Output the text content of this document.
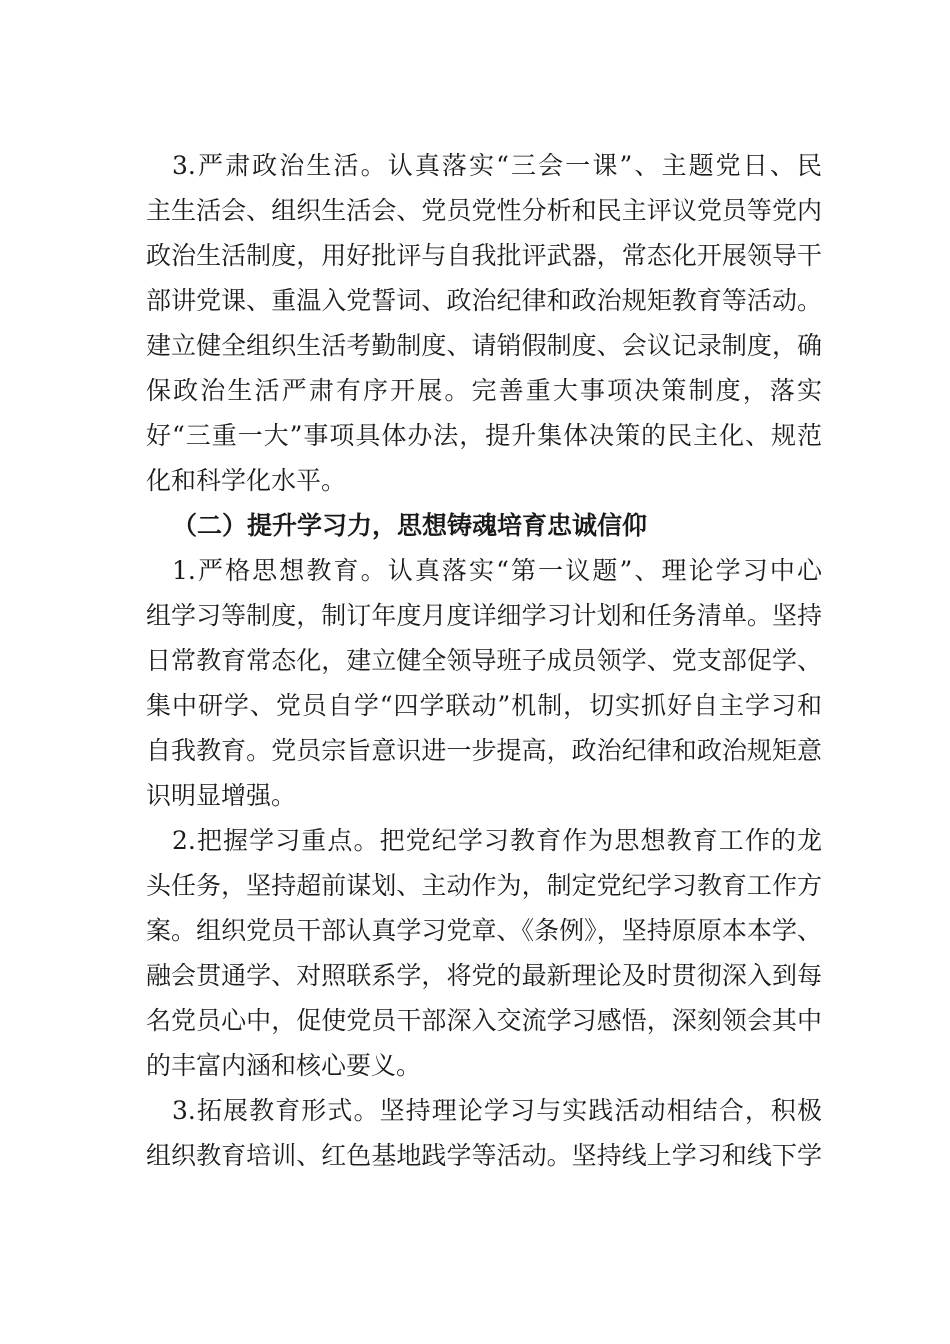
3.严肃政治生活。认真落实“三会一课”、主题党日、民
主生活会、组织生活会、党员党性分析和民主评议党员等党内
政治生活制度，用好批评与自我批评武器，常态化开展领导干
部讲党课、重温入党誓词、政治纪律和政治规矩教育等活动。
建立健全组织生活考勤制度、请销假制度、会议记录制度，确
保政治生活严肃有序开展。完善重大事项决策制度，落实
好“三重一大”事项具体办法，提升集体决策的民主化、规范
化和科学化水平。
（二）提升学习力，思想铸魂培育忠诚信仰
1.严格思想教育。认真落实“第一议题”、理论学习中心
组学习等制度，制订年度月度详细学习计划和任务清单。坚持
日常教育常态化，建立健全领导班子成员领学、党支部促学、
集中研学、党员自学“四学联动”机制，切实抓好自主学习和
自我教育。党员宗旨意识进一步提高，政治纪律和政治规矩意
识明显增强。
2.把握学习重点。把党纪学习教育作为思想教育工作的龙
头任务，坚持超前谋划、主动作为，制定党纪学习教育工作方
案。组织党员干部认真学习党章、《条例》，坚持原原本本学、
融会贯通学、对照联系学，将党的最新理论及时贯彻深入到每
名党员心中，促使党员干部深入交流学习感悟，深刻领会其中
的丰富内涵和核心要义。
3.拓展教育形式。坚持理论学习与实践活动相结合，积极
组织教育培训、红色基地践学等活动。坚持线上学习和线下学
